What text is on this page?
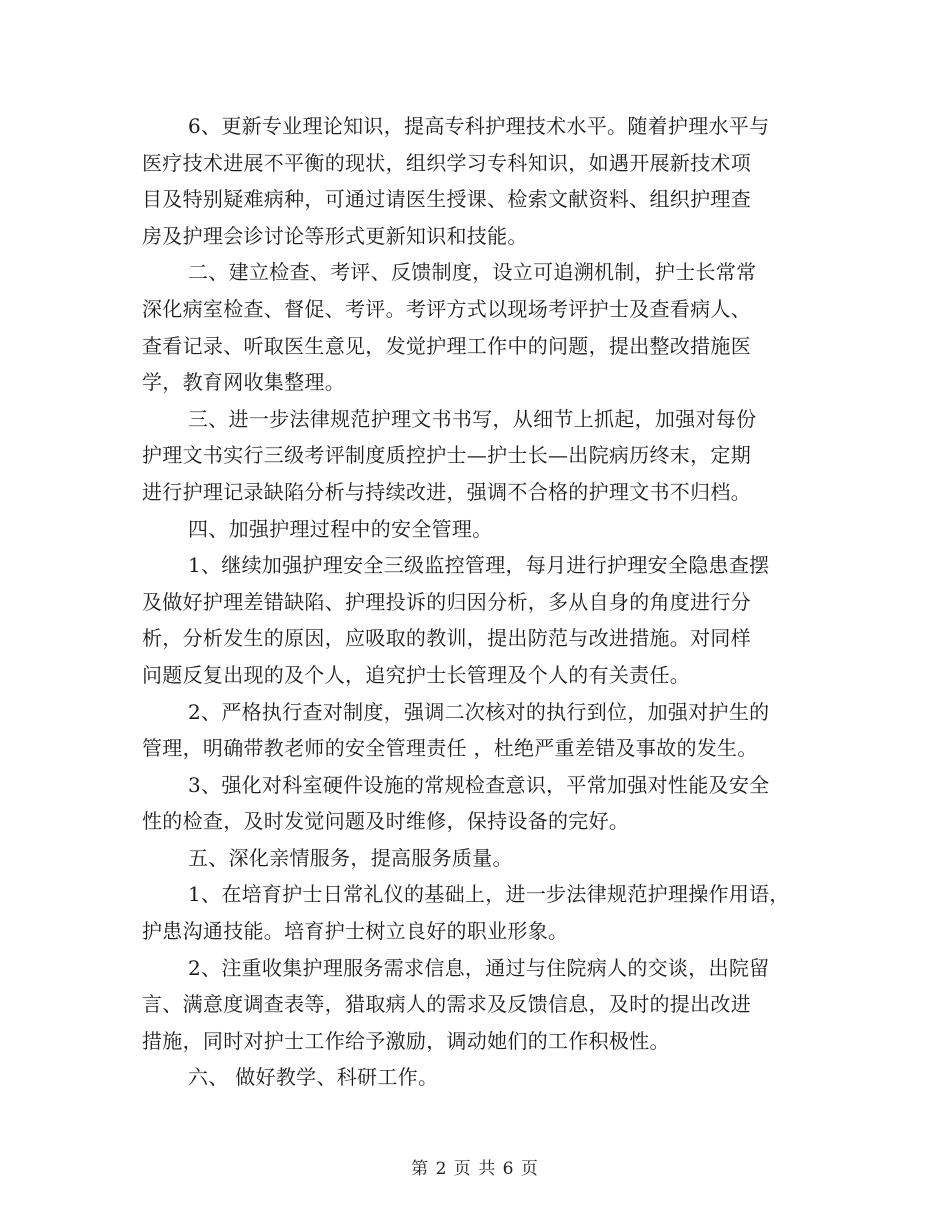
6、更新专业理论知识，提高专科护理技术水平。随着护理水平与
医疗技术进展不平衡的现状，组织学习专科知识，如遇开展新技术项
目及特别疑难病种，可通过请医生授课、检索文献资料、组织护理查
房及护理会诊讨论等形式更新知识和技能。

二、建立检查、考评、反馈制度，设立可追溯机制，护士长常常
深化病室检查、督促、考评。考评方式以现场考评护士及查看病人、
查看记录、听取医生意见，发觉护理工作中的问题，提出整改措施医
学，教育网收集整理。

三、进一步法律规范护理文书书写，从细节上抓起，加强对每份
护理文书实行三级考评制度质控护士—护士长—出院病历终末，定期
进行护理记录缺陷分析与持续改进，强调不合格的护理文书不归档。

四、加强护理过程中的安全管理。

1、继续加强护理安全三级监控管理，每月进行护理安全隐患查摆
及做好护理差错缺陷、护理投诉的归因分析，多从自身的角度进行分
析，分析发生的原因，应吸取的教训，提出防范与改进措施。对同样
问题反复出现的及个人，追究护士长管理及个人的有关责任。

2、严格执行查对制度，强调二次核对的执行到位，加强对护生的
管理，明确带教老师的安全管理责任 ，杜绝严重差错及事故的发生。

3、强化对科室硬件设施的常规检查意识，平常加强对性能及安全
性的检查，及时发觉问题及时维修，保持设备的完好。

五、深化亲情服务，提高服务质量。

1、在培育护士日常礼仪的基础上，进一步法律规范护理操作用语，
护患沟通技能。培育护士树立良好的职业形象。

2、注重收集护理服务需求信息，通过与住院病人的交谈，出院留
言、满意度调查表等，猎取病人的需求及反馈信息，及时的提出改进
措施，同时对护士工作给予激励，调动她们的工作积极性。

六、 做好教学、科研工作。

第 2 页 共 6 页
